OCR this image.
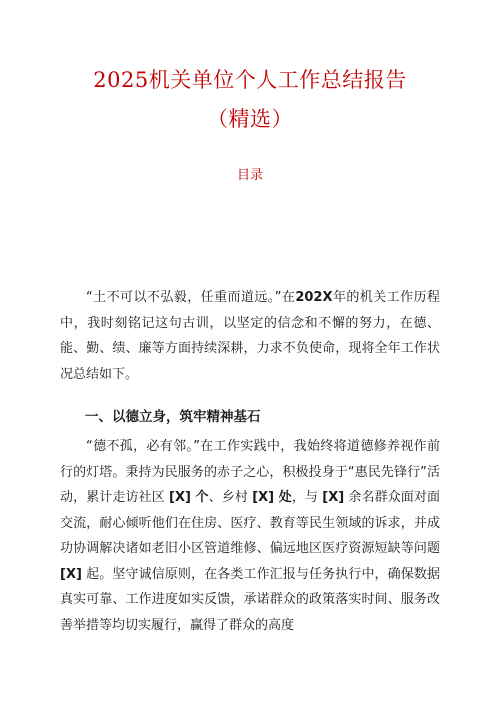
2025机关单位个人工作总结报告
（精选）
目录

“土不可以不弘毅，任重而道远。”在202X年的机关工作历程中，我时刻铭记这句古训，以坚定的信念和不懈的努力，在德、能、勤、绩、廉等方面持续深耕，力求不负使命，现将全年工作状况总结如下。

一、以德立身，筑牢精神基石

“德不孤，必有邻。”在工作实践中，我始终将道德修养视作前行的灯塔。秉持为民服务的赤子之心，积极投身于“惠民先锋行”活动，累计走访社区 [X] 个、乡村 [X] 处，与 [X] 余名群众面对面交流，耐心倾听他们在住房、医疗、教育等民生领域的诉求，并成功协调解决诸如老旧小区管道维修、偏远地区医疗资源短缺等问题 [X] 起。坚守诚信原则，在各类工作汇报与任务执行中，确保数据真实可靠、工作进度如实反馈，承诺群众的政策落实时间、服务改善举措等均切实履行，赢得了群众的高度
